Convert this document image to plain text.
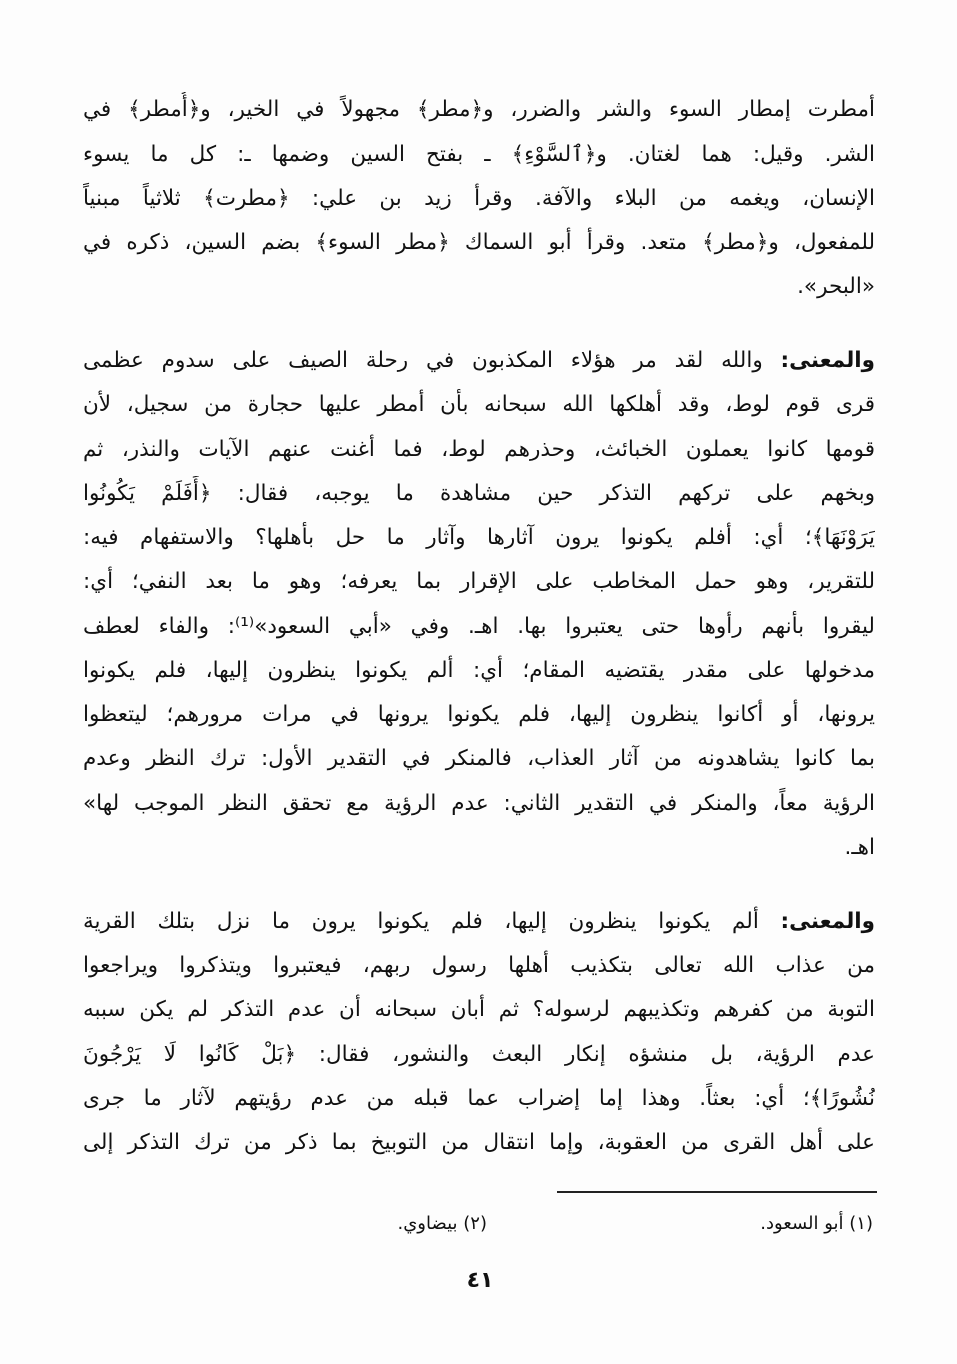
أمطرت إمطار السوء والشر والضرر، و﴿مطر﴾ مجهولاً في الخير، و﴿أُمطر﴾ في
الشر. وقيل: هما لغتان. و﴿ٱلسَّوْءِ﴾ ـ بفتح السين وضمها ـ: كل ما يسوء
الإنسان، ويغمه من البلاء والآفة. وقرأ زيد بن علي: ﴿مطرت﴾ ثلاثياً مبنياً
للمفعول، و﴿مطر﴾ متعد. وقرأ أبو السماك ﴿مطر السوء﴾ بضم السين، ذكره في
«البحر».
والمعنى: والله لقد مر هؤلاء المكذبون في رحلة الصيف على سدوم عظمى
قرى قوم لوط، وقد أهلكها الله سبحانه بأن أمطر عليها حجارة من سجيل، لأن
قومها كانوا يعملون الخبائث، وحذرهم لوط، فما أغنت عنهم الآيات والنذر، ثم
وبخهم على تركهم التذكر حين مشاهدة ما يوجبه، فقال: ﴿أَفَلَمْ يَكُونُوا
يَرَوْنَهَا﴾؛ أي: أفلم يكونوا يرون آثارها وآثار ما حل بأهلها؟ والاستفهام فيه:
للتقرير، وهو حمل المخاطب على الإقرار بما يعرفه؛ وهو ما بعد النفي؛ أي:
ليقروا بأنهم رأوها حتى يعتبروا بها. اهـ. وفي «أبي السعود»⁽¹⁾: والفاء لعطف
مدخولها على مقدر يقتضيه المقام؛ أي: ألم يكونوا ينظرون إليها، فلم يكونوا
يرونها، أو أكانوا ينظرون إليها، فلم يكونوا يرونها في مرات مرورهم؛ ليتعظوا
بما كانوا يشاهدونه من آثار العذاب، فالمنكر في التقدير الأول: ترك النظر وعدم
الرؤية معاً، والمنكر في التقدير الثاني: عدم الرؤية مع تحقق النظر الموجب لها»
اهـ.
والمعنى: ألم يكونوا ينظرون إليها، فلم يكونوا يرون ما نزل بتلك القرية
من عذاب الله تعالى بتكذيب أهلها رسول ربهم، فيعتبروا ويتذكروا ويراجعوا
التوبة من كفرهم وتكذيبهم لرسوله؟ ثم أبان سبحانه أن عدم التذكر لم يكن سببه
عدم الرؤية، بل منشؤه إنكار البعث والنشور، فقال: ﴿بَلْ كَانُوا لَا يَرْجُونَ
نُشُورًا﴾؛ أي: بعثاً. وهذا إما إضراب عما قبله من عدم رؤيتهم لآثار ما جرى
على أهل القرى من العقوبة، وإما انتقال من التوبيخ بما ذكر من ترك التذكر إلى
(١) أبو السعود.
(٢) بيضاوي.
٤١
